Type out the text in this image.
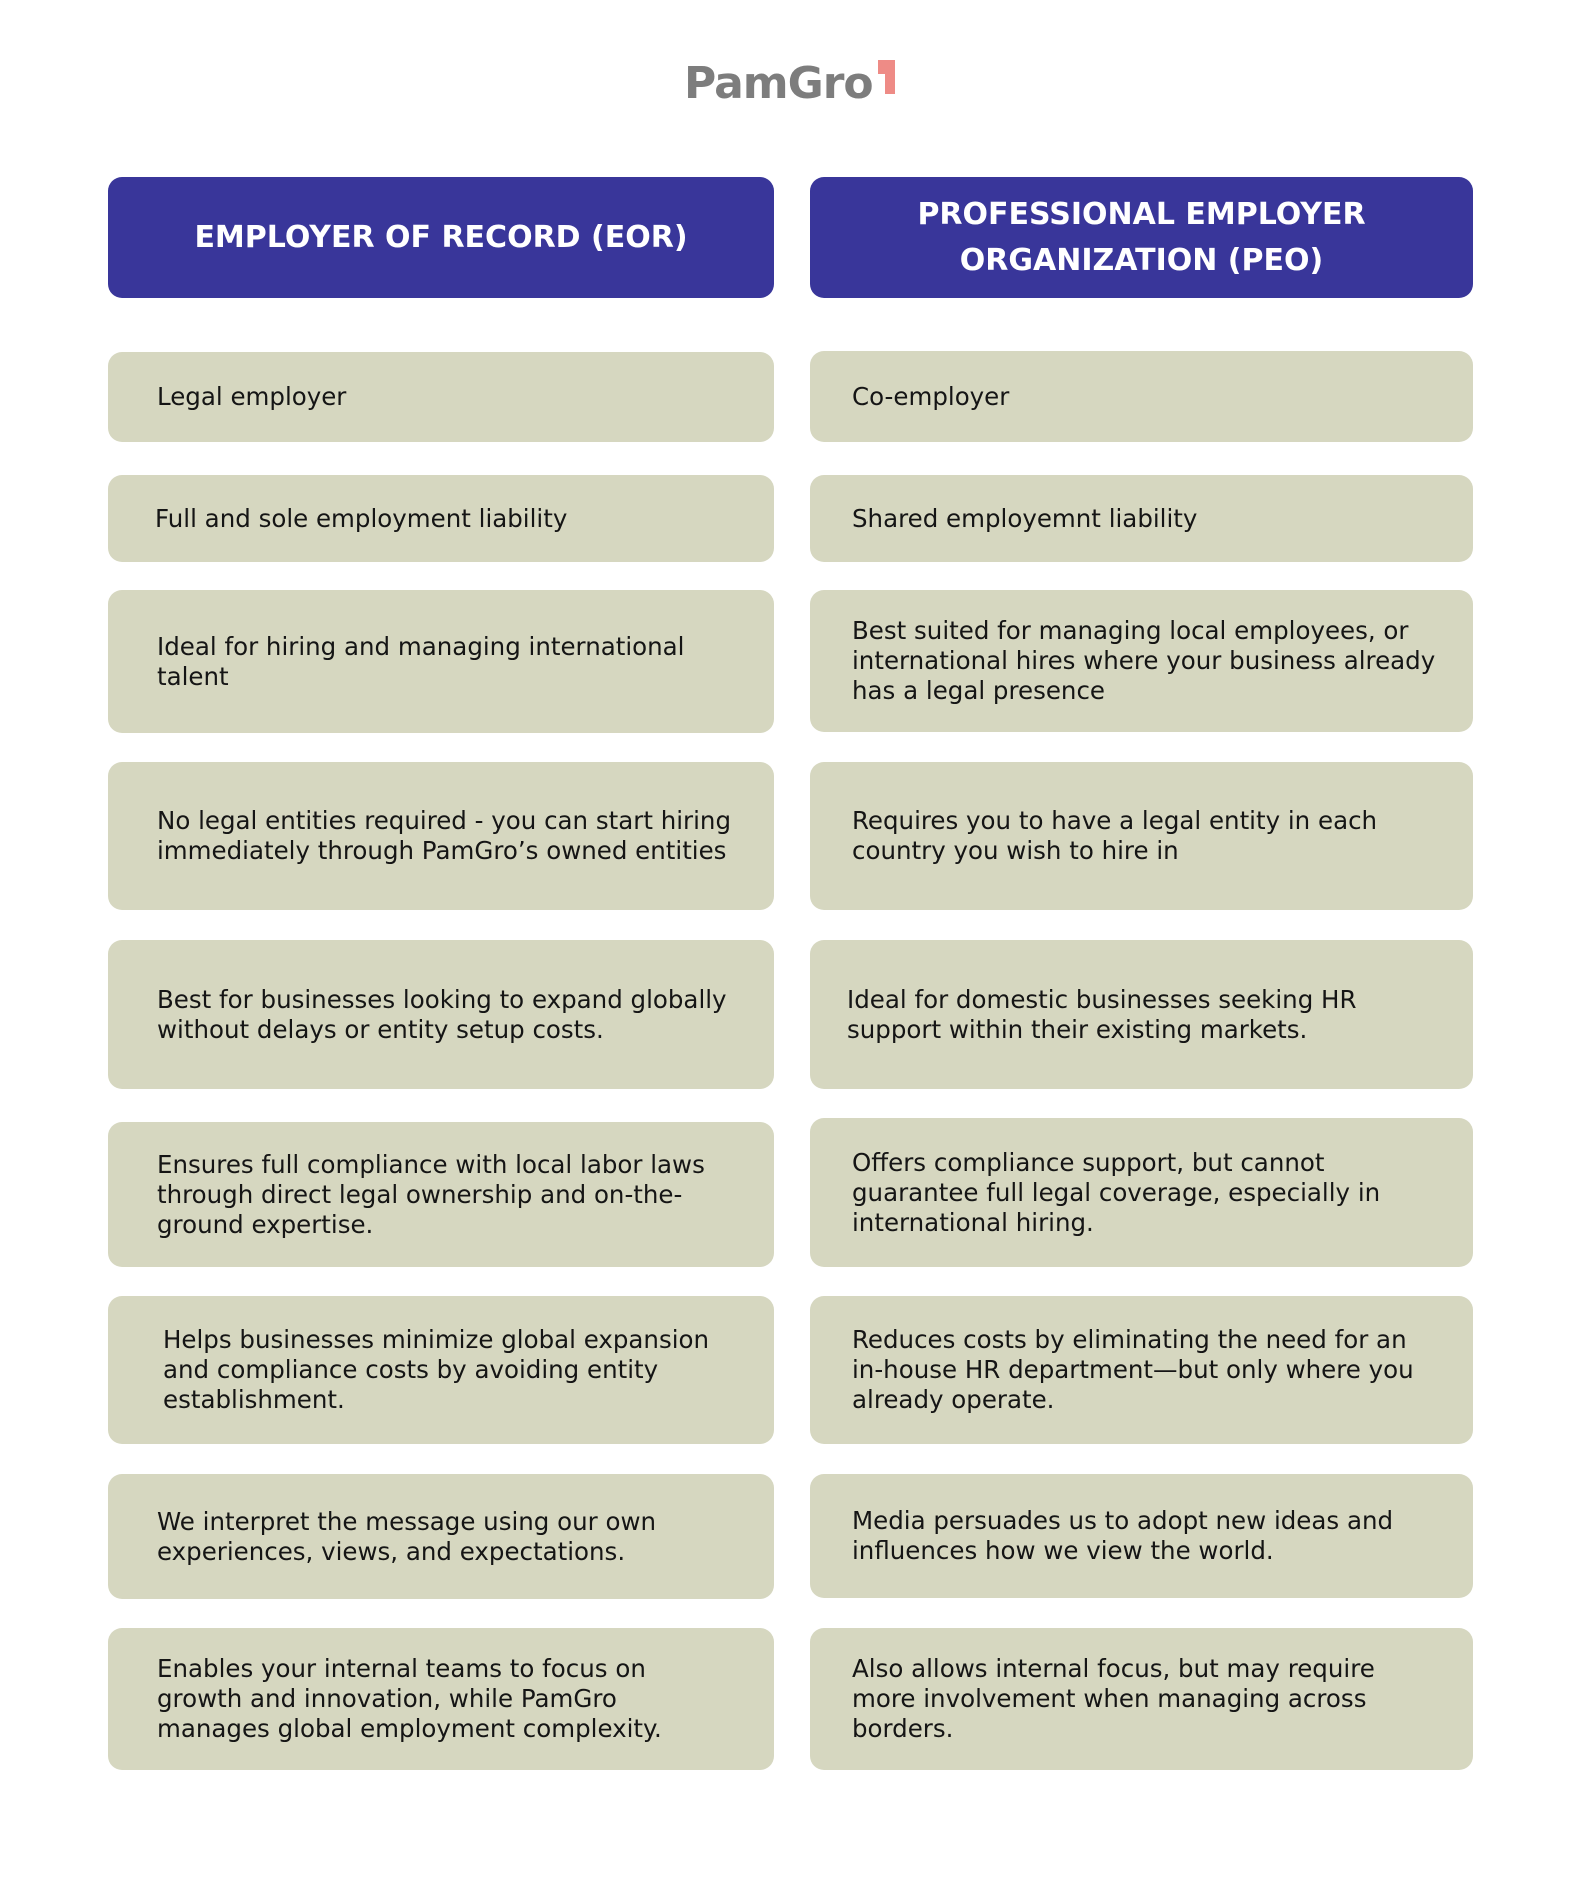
PamGro
EMPLOYER OF RECORD (EOR)
PROFESSIONAL EMPLOYER ORGANIZATION (PEO)
Legal employer	Co-employer
Full and sole employment liability	Shared employemnt liability
Ideal for hiring and managing international talent
Best suited for managing local employees, or international hires where your business already has a legal presence
No legal entities required - you can start hiring immediately through PamGro’s owned entities
Requires you to have a legal entity in each country you wish to hire in
Best for businesses looking to expand globally without delays or entity setup costs.
Ideal for domestic businesses seeking HR support within their existing markets.
Ensures full compliance with local labor laws through direct legal ownership and on-the-ground expertise.
Offers compliance support, but cannot guarantee full legal coverage, especially in international hiring.
Helps businesses minimize global expansion and compliance costs by avoiding entity establishment.
Reduces costs by eliminating the need for an in-house HR department—but only where you already operate.
We interpret the message using our own experiences, views, and expectations.
Media persuades us to adopt new ideas and influences how we view the world.
Enables your internal teams to focus on growth and innovation, while PamGro manages global employment complexity.
Also allows internal focus, but may require more involvement when managing across borders.
